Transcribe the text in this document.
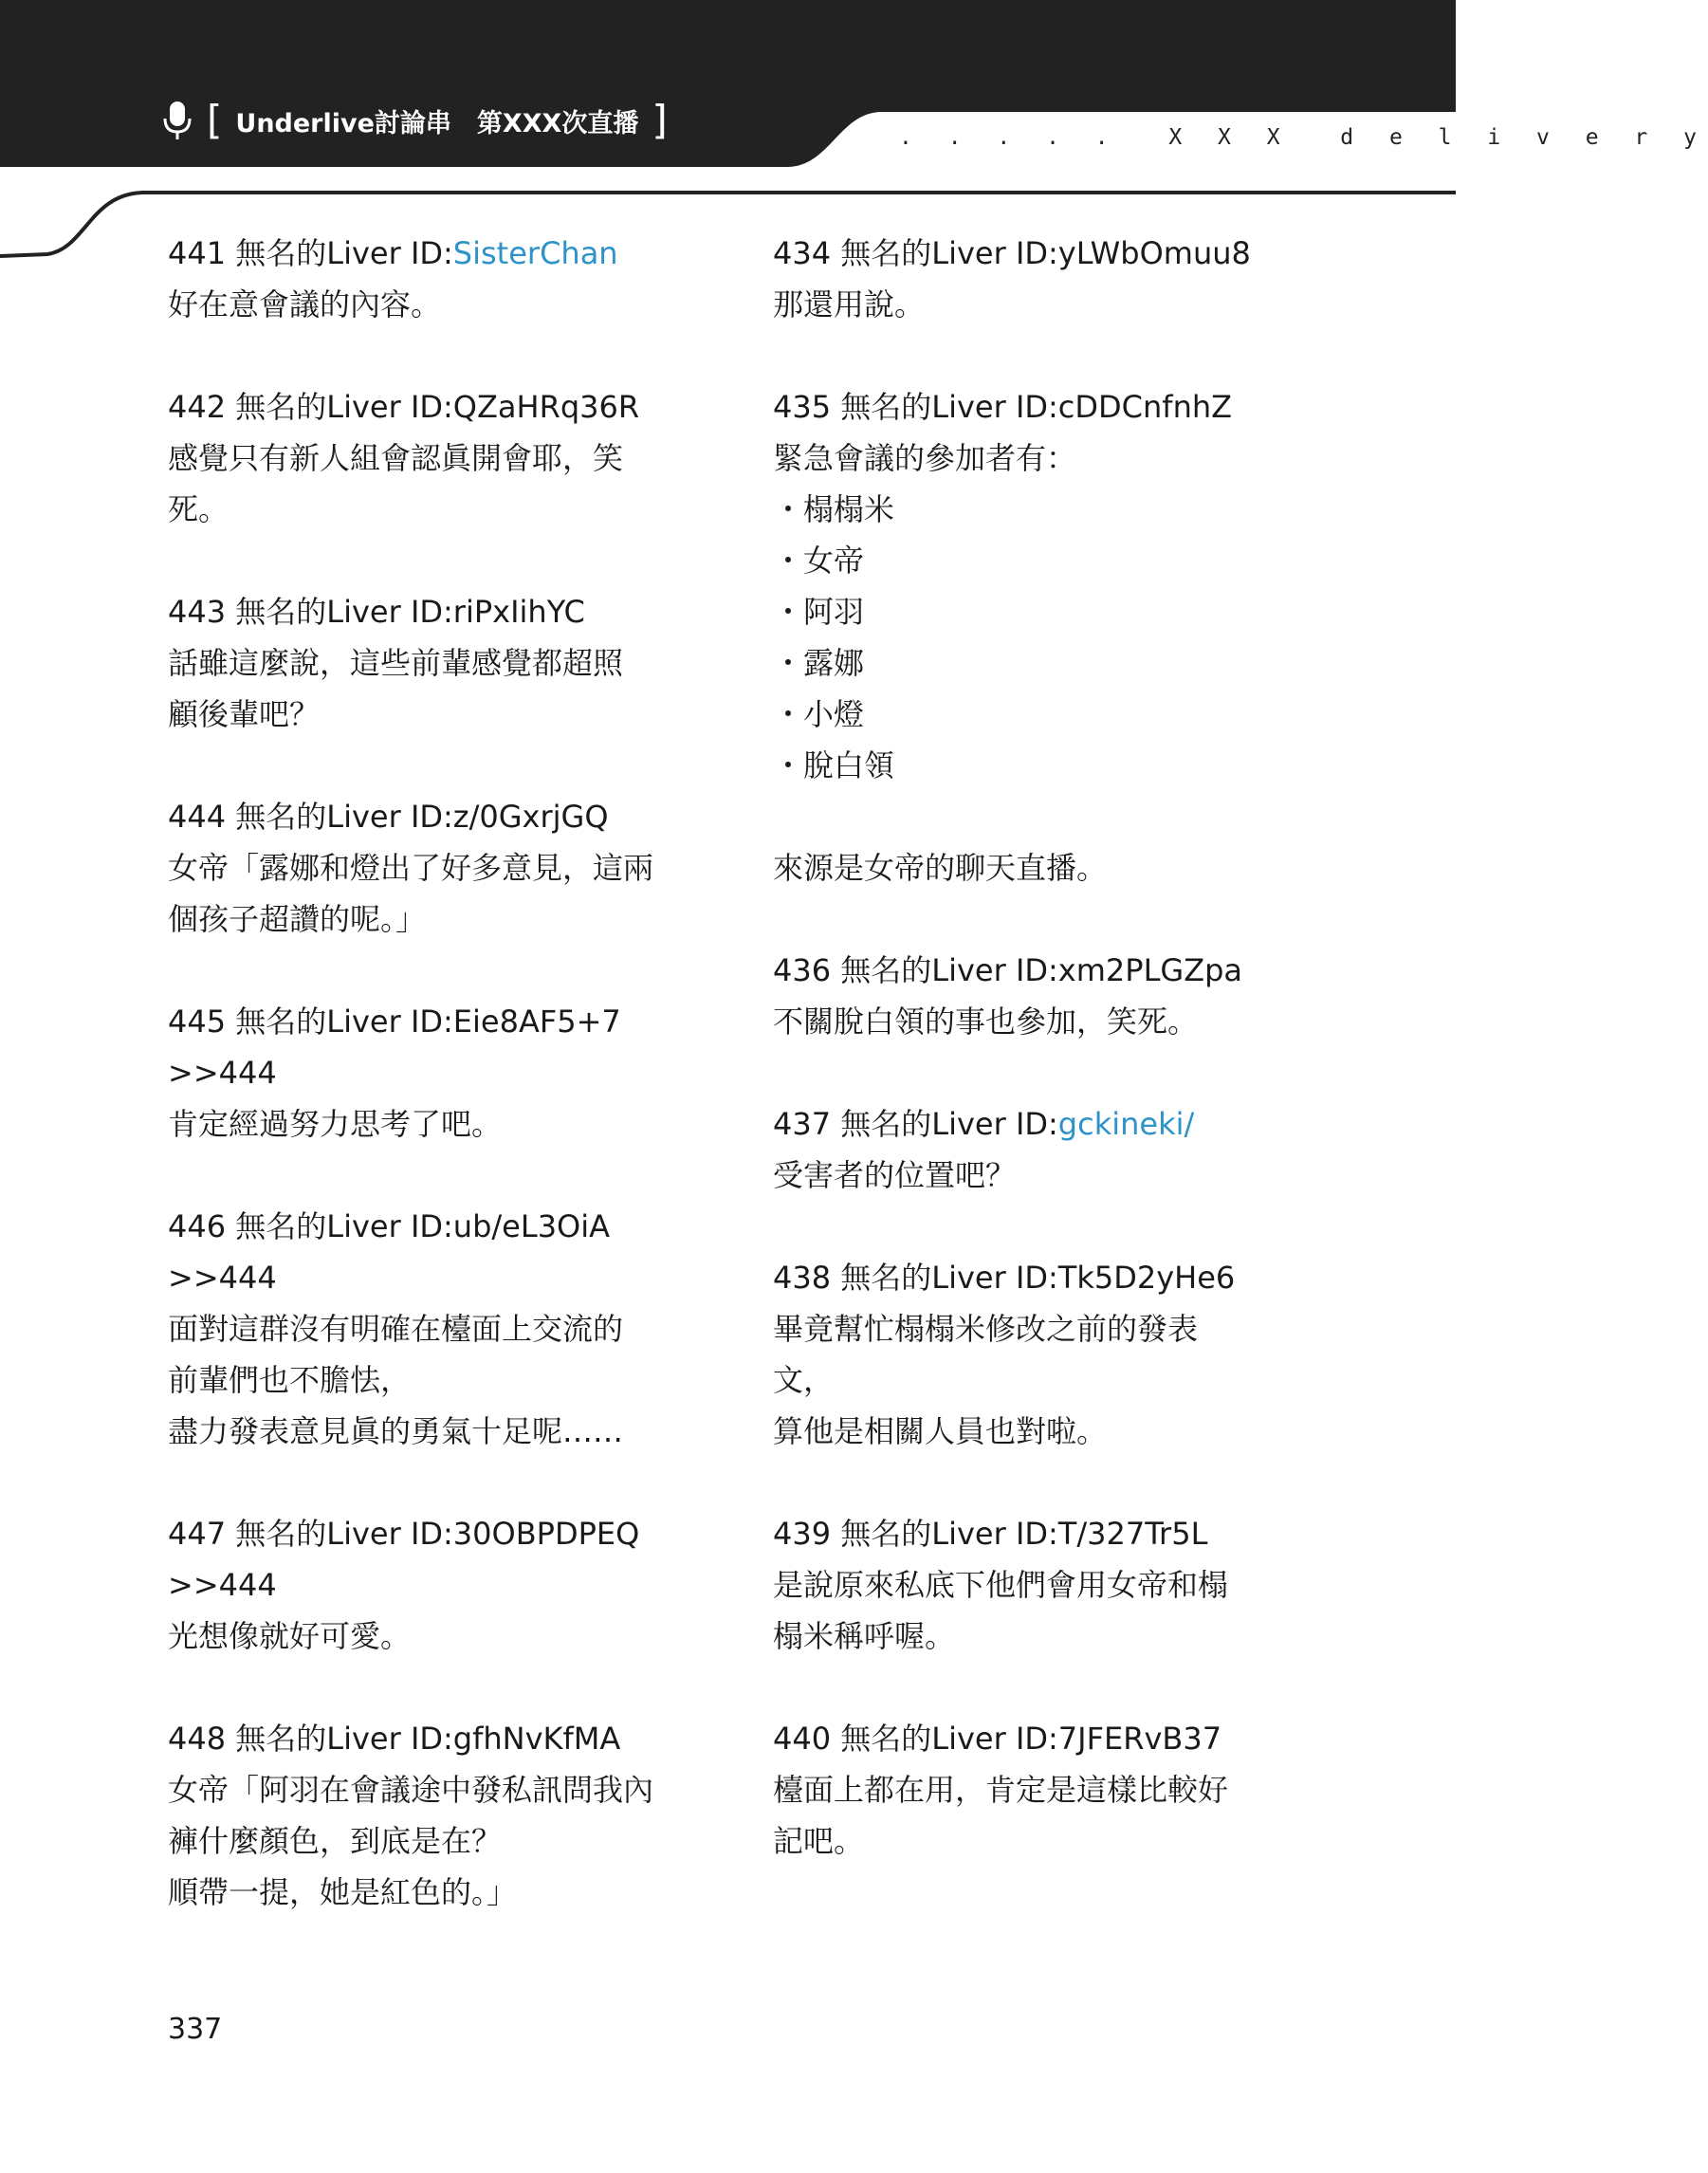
[ Underlive討論串　第XXX次直播 ]	. . . . .  X X X  d e l i v e r y
441 無名的Liver ID:SisterChan
好在意會議的內容。
442 無名的Liver ID:QZaHRq36R
感覺只有新人組會認眞開會耶，笑
死。
443 無名的Liver ID:riPxIihYC
話雖這麼說，這些前輩感覺都超照
顧後輩吧？
444 無名的Liver ID:z/0GxrjGQ
女帝「露娜和燈出了好多意見，這兩
個孩子超讚的呢。」
445 無名的Liver ID:Eie8AF5+7
>>444
肯定經過努力思考了吧。
446 無名的Liver ID:ub/eL3OiA
>>444
面對這群沒有明確在檯面上交流的
前輩們也不膽怯，
盡力發表意見眞的勇氣十足呢……
447 無名的Liver ID:30OBPDPEQ
>>444
光想像就好可愛。
448 無名的Liver ID:gfhNvKfMA
女帝「阿羽在會議途中發私訊問我內
褲什麼顏色，到底是在？
順帶一提，她是紅色的。」
434 無名的Liver ID:yLWbOmuu8
那還用說。
435 無名的Liver ID:cDDCnfnhZ
緊急會議的參加者有：
・榻榻米
・女帝
・阿羽
・露娜
・小燈
・脫白領

來源是女帝的聊天直播。
436 無名的Liver ID:xm2PLGZpa
不關脫白領的事也參加，笑死。
437 無名的Liver ID:gckineki/
受害者的位置吧？
438 無名的Liver ID:Tk5D2yHe6
畢竟幫忙榻榻米修改之前的發表
文，
算他是相關人員也對啦。
439 無名的Liver ID:T/327Tr5L
是說原來私底下他們會用女帝和榻
榻米稱呼喔。
440 無名的Liver ID:7JFERvB37
檯面上都在用，肯定是這樣比較好
記吧。
337
